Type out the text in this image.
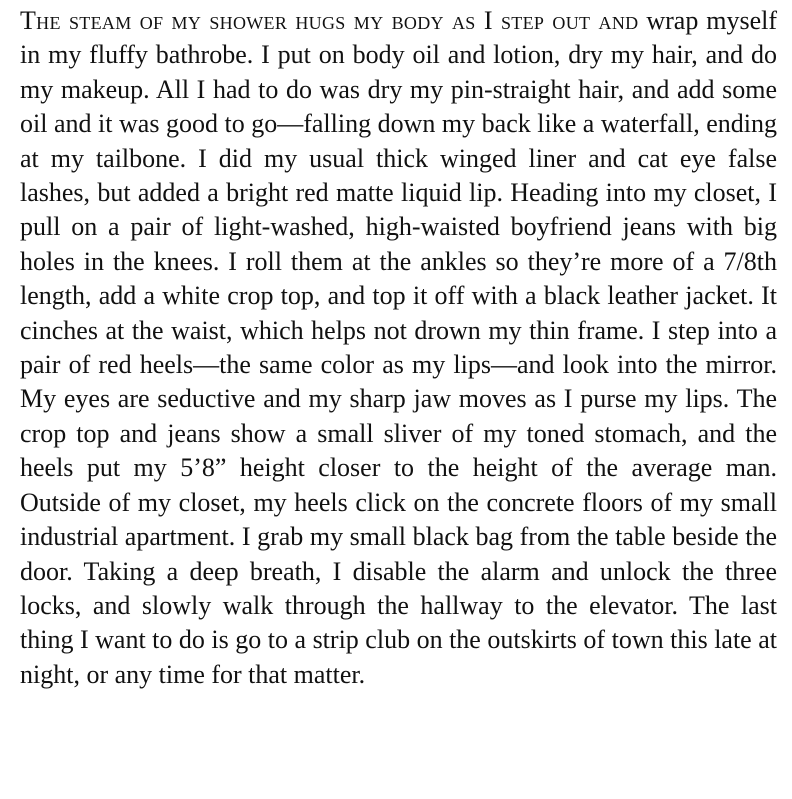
The steam of my shower hugs my body as I step out and wrap myself in my fluffy bathrobe. I put on body oil and lotion, dry my hair, and do my makeup. All I had to do was dry my pin-straight hair, and add some oil and it was good to go—falling down my back like a waterfall, ending at my tailbone. I did my usual thick winged liner and cat eye false lashes, but added a bright red matte liquid lip. Heading into my closet, I pull on a pair of light-washed, high-waisted boyfriend jeans with big holes in the knees. I roll them at the ankles so they’re more of a 7/8th length, add a white crop top, and top it off with a black leather jacket. It cinches at the waist, which helps not drown my thin frame. I step into a pair of red heels—the same color as my lips—and look into the mirror. My eyes are seductive and my sharp jaw moves as I purse my lips. The crop top and jeans show a small sliver of my toned stomach, and the heels put my 5’8” height closer to the height of the average man. Outside of my closet, my heels click on the concrete floors of my small industrial apartment. I grab my small black bag from the table beside the door. Taking a deep breath, I disable the alarm and unlock the three locks, and slowly walk through the hallway to the elevator. The last thing I want to do is go to a strip club on the outskirts of town this late at night, or any time for that matter.
